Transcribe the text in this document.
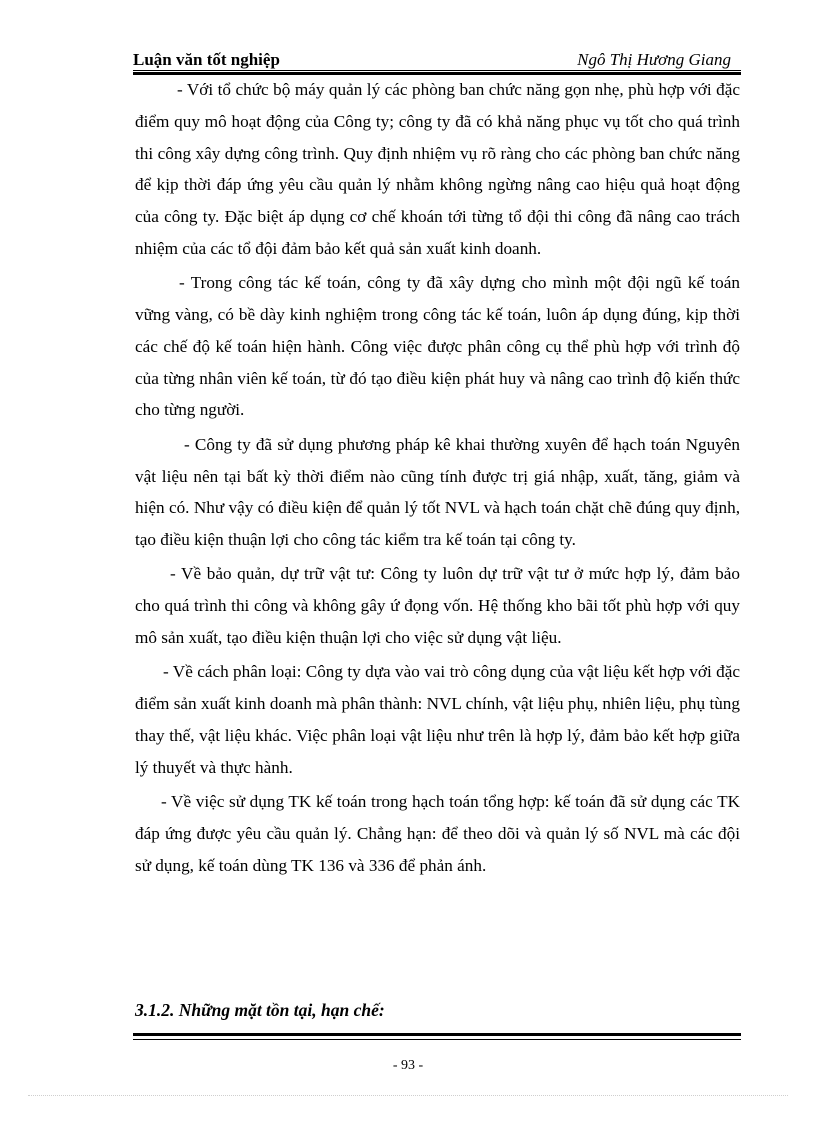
Luận văn tốt nghiệp	Ngô Thị Hương Giang

- Với tổ chức bộ máy quản lý các phòng ban chức năng gọn nhẹ, phù hợp với đặc điểm quy mô hoạt động của Công ty; công ty đã có khả năng phục vụ tốt cho quá trình thi công xây dựng công trình. Quy định nhiệm vụ rõ ràng cho các phòng ban chức năng để kịp thời đáp ứng yêu cầu quản lý nhằm không ngừng nâng cao hiệu quả hoạt động của công ty. Đặc biệt áp dụng cơ chế khoán tới từng tổ đội thi công đã nâng cao trách nhiệm của các tổ đội đảm bảo kết quả sản xuất kinh doanh.

- Trong công tác kế toán, công ty đã xây dựng cho mình một đội ngũ kế toán vững vàng, có bề dày kinh nghiệm trong công tác kế toán, luôn áp dụng đúng, kịp thời các chế độ kế toán hiện hành. Công việc được phân công cụ thể phù hợp với trình độ của từng nhân viên kế toán, từ đó tạo điều kiện phát huy và nâng cao trình độ kiến thức cho từng người.

- Công ty đã sử dụng phương pháp kê khai thường xuyên để hạch toán Nguyên vật liệu nên tại bất kỳ thời điểm nào cũng tính được trị giá nhập, xuất, tăng, giảm và hiện có. Như vậy có điều kiện để quản lý tốt NVL và hạch toán chặt chẽ đúng quy định, tạo điều kiện thuận lợi cho công tác kiểm tra kế toán tại công ty.

- Về bảo quản, dự trữ vật tư: Công ty luôn dự trữ vật tư ở mức hợp lý, đảm bảo cho quá trình thi công và không gây ứ đọng vốn. Hệ thống kho bãi tốt phù hợp với quy mô sản xuất, tạo điều kiện thuận lợi cho việc sử dụng vật liệu.

- Về cách phân loại: Công ty dựa vào vai trò công dụng của vật liệu kết hợp với đặc điểm sản xuất kinh doanh mà phân thành: NVL chính, vật liệu phụ, nhiên liệu, phụ tùng thay thế, vật liệu khác. Việc phân loại vật liệu như trên là hợp lý, đảm bảo kết hợp giữa lý thuyết và thực hành.

- Về việc sử dụng TK kế toán trong hạch toán tổng hợp: kế toán đã sử dụng các TK đáp ứng được yêu cầu quản lý. Chẳng hạn: để theo dõi và quản lý số NVL mà các đội sử dụng, kế toán dùng TK 136 và 336 để phản ánh.

3.1.2. Những mặt tồn tại, hạn chế:
- 93 -
